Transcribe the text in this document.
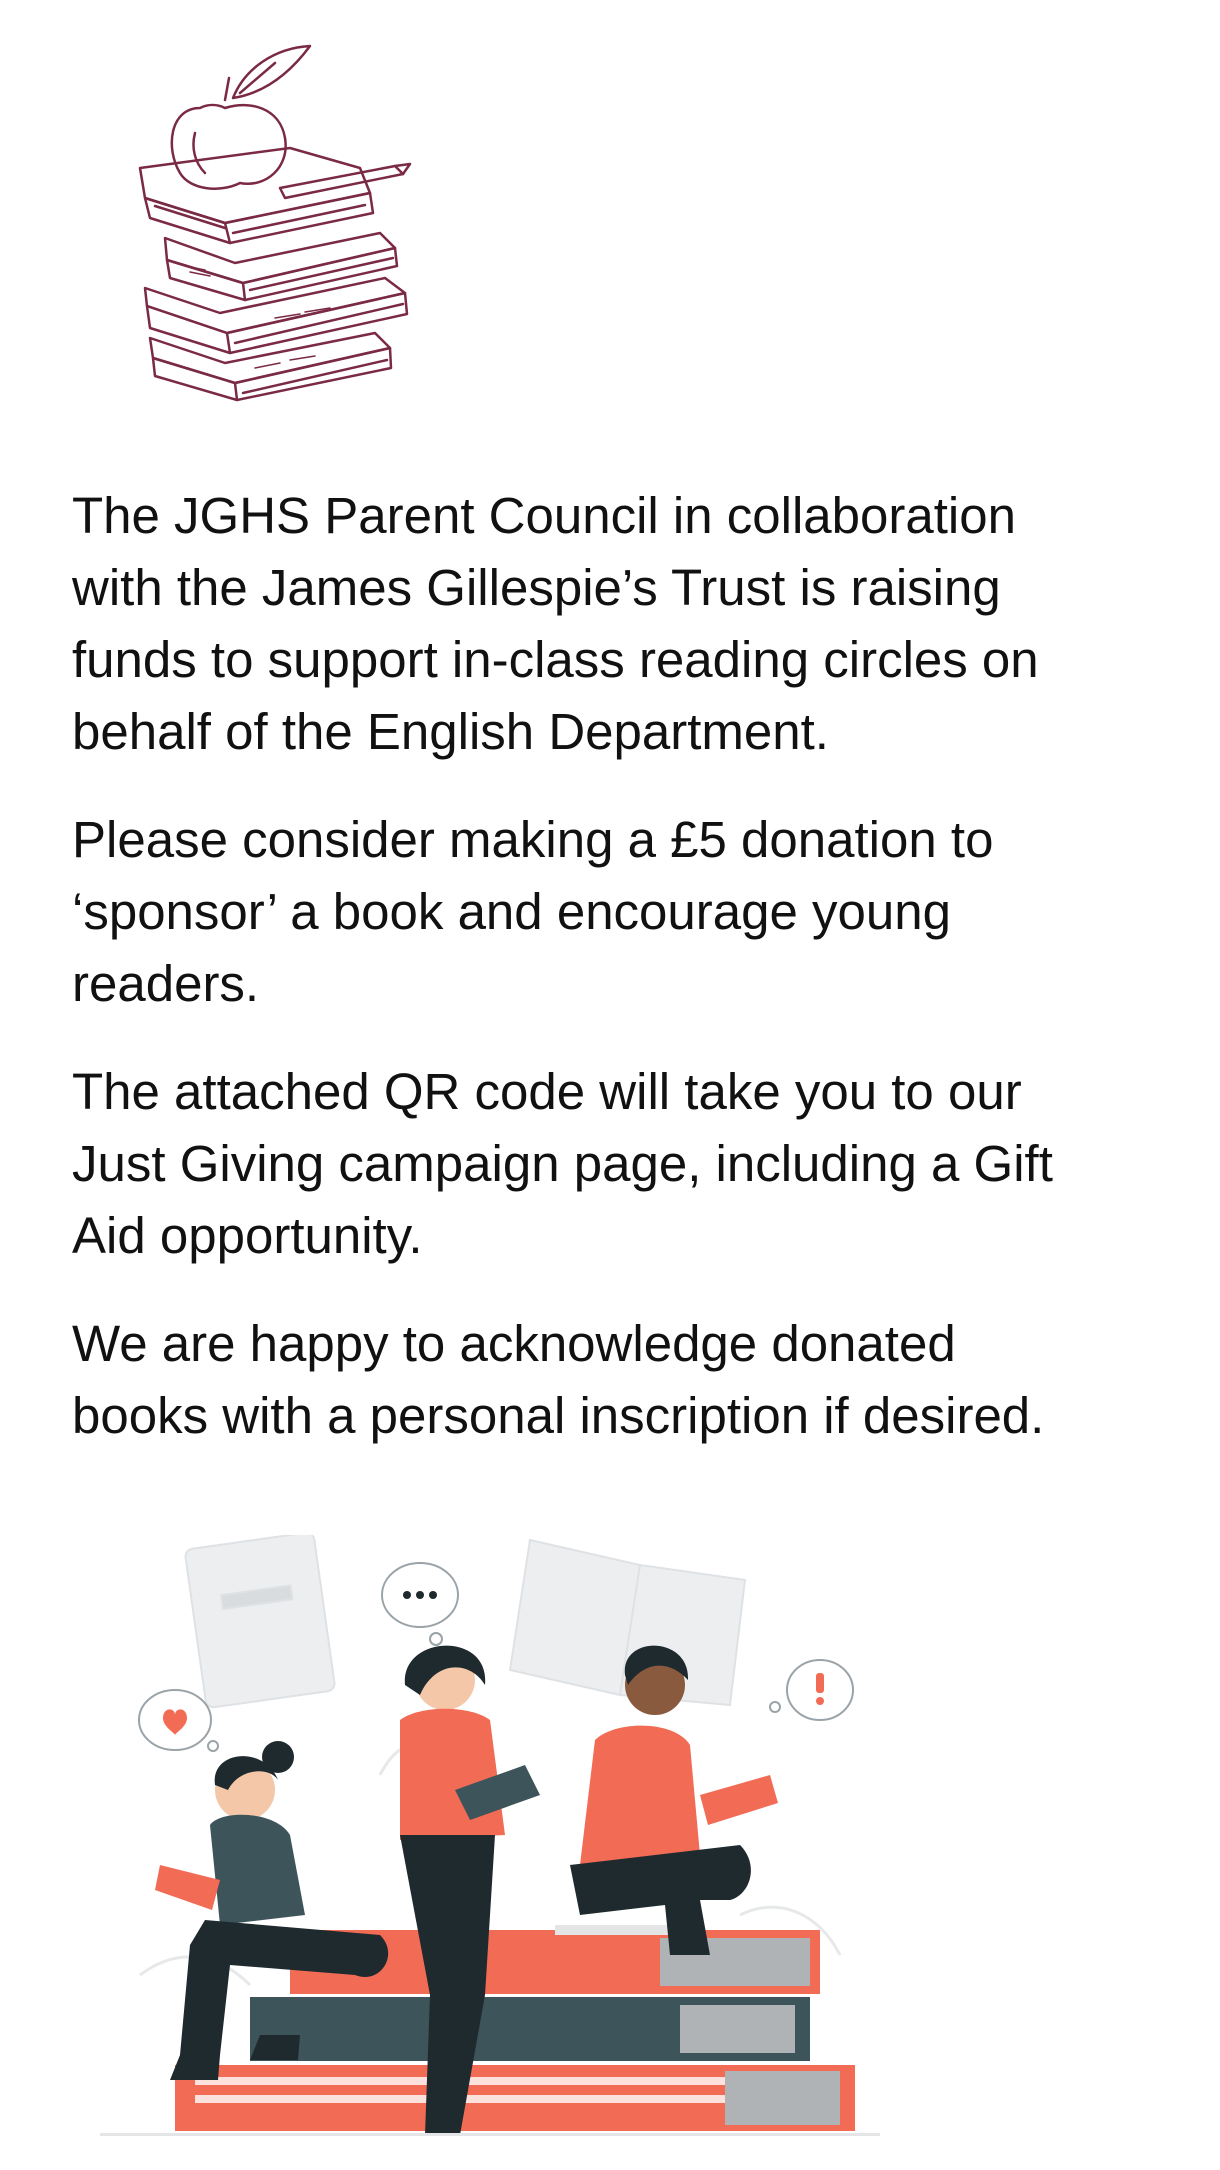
The JGHS Parent Council in collaboration
with the James Gillespie’s Trust is raising
funds to support in-class reading circles on
behalf of the English Department.

Please consider making a £5 donation to
‘sponsor’ a book and encourage young
readers.

The attached QR code will take you to our
Just Giving campaign page, including a Gift
Aid opportunity.

We are happy to acknowledge donated
books with a personal inscription if desired.
